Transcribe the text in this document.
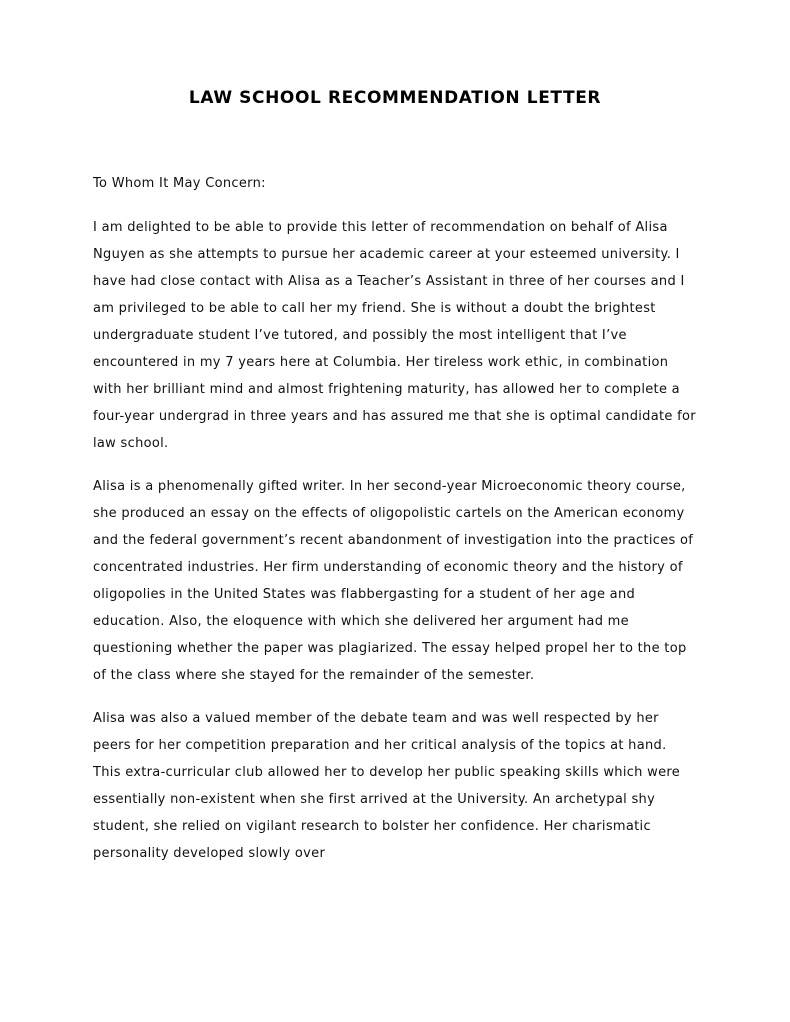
LAW SCHOOL RECOMMENDATION LETTER

To Whom It May Concern:

I am delighted to be able to provide this letter of recommendation on behalf of Alisa Nguyen as she attempts to pursue her academic career at your esteemed university. I have had close contact with Alisa as a Teacher’s Assistant in three of her courses and I am privileged to be able to call her my friend. She is without a doubt the brightest undergraduate student I’ve tutored, and possibly the most intelligent that I’ve encountered in my 7 years here at Columbia. Her tireless work ethic, in combination with her brilliant mind and almost frightening maturity, has allowed her to complete a four-year undergrad in three years and has assured me that she is optimal candidate for law school.

Alisa is a phenomenally gifted writer. In her second-year Microeconomic theory course, she produced an essay on the effects of oligopolistic cartels on the American economy and the federal government’s recent abandonment of investigation into the practices of concentrated industries. Her firm understanding of economic theory and the history of oligopolies in the United States was flabbergasting for a student of her age and education. Also, the eloquence with which she delivered her argument had me questioning whether the paper was plagiarized. The essay helped propel her to the top of the class where she stayed for the remainder of the semester.

Alisa was also a valued member of the debate team and was well respected by her peers for her competition preparation and her critical analysis of the topics at hand. This extra-curricular club allowed her to develop her public speaking skills which were essentially non-existent when she first arrived at the University. An archetypal shy student, she relied on vigilant research to bolster her confidence. Her charismatic personality developed slowly over
